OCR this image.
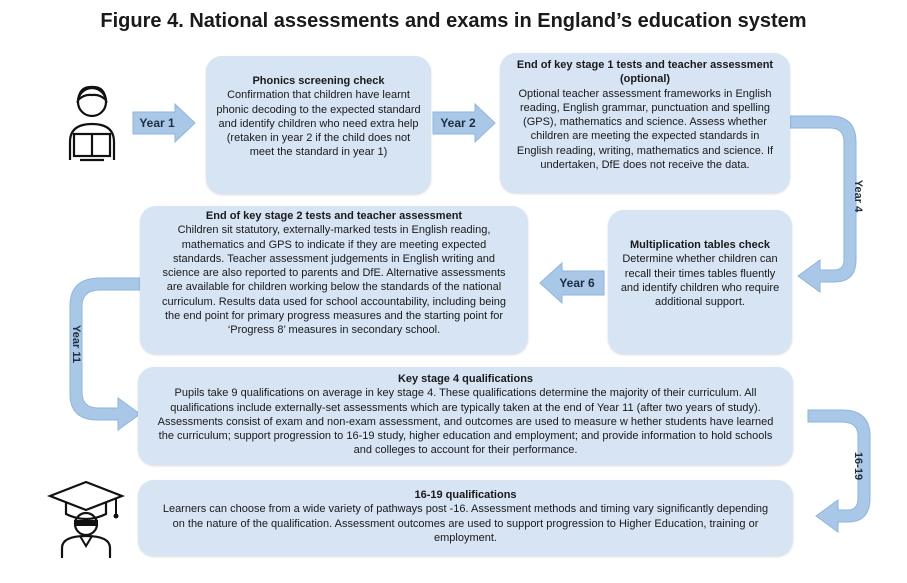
Figure 4. National assessments and exams in England’s education system
Year 1	Year 2
Year 4
Year 6
Year 11
16-19
Phonics screening check
Confirmation that children have learnt phonic decoding to the expected standard and identify children who need extra help (retaken in year 2 if the child does not meet the standard in year 1)
End of key stage 1 tests and teacher assessment (optional)
Optional teacher assessment frameworks in English reading, English grammar, punctuation and spelling (GPS), mathematics and science. Assess whether children are meeting the expected standards in English reading, writing, mathematics and science. If undertaken, DfE does not receive the data.
Multiplication tables check
Determine whether children can recall their times tables fluently and identify children who require additional support.
End of key stage 2 tests and teacher assessment
Children sit statutory, externally-marked tests in English reading, mathematics and GPS to indicate if they are meeting expected standards. Teacher assessment judgements in English writing and science are also reported to parents and DfE. Alternative assessments are available for children working below the standards of the national curriculum. Results data used for school accountability, including being the end point for primary progress measures and the starting point for ‘Progress 8’ measures in secondary school.
Key stage 4 qualifications
Pupils take 9 qualifications on average in key stage 4. These qualifications determine the majority of their curriculum. All qualifications include externally-set assessments which are typically taken at the end of Year 11 (after two years of study). Assessments consist of exam and non-exam assessment, and outcomes are used to measure w hether students have learned the curriculum; support progression to 16-19 study, higher education and employment; and provide information to hold schools and colleges to account for their performance.
16-19 qualifications
Learners can choose from a wide variety of pathways post -16. Assessment methods and timing vary significantly depending on the nature of the qualification. Assessment outcomes are used to support progression to Higher Education, training or employment.
